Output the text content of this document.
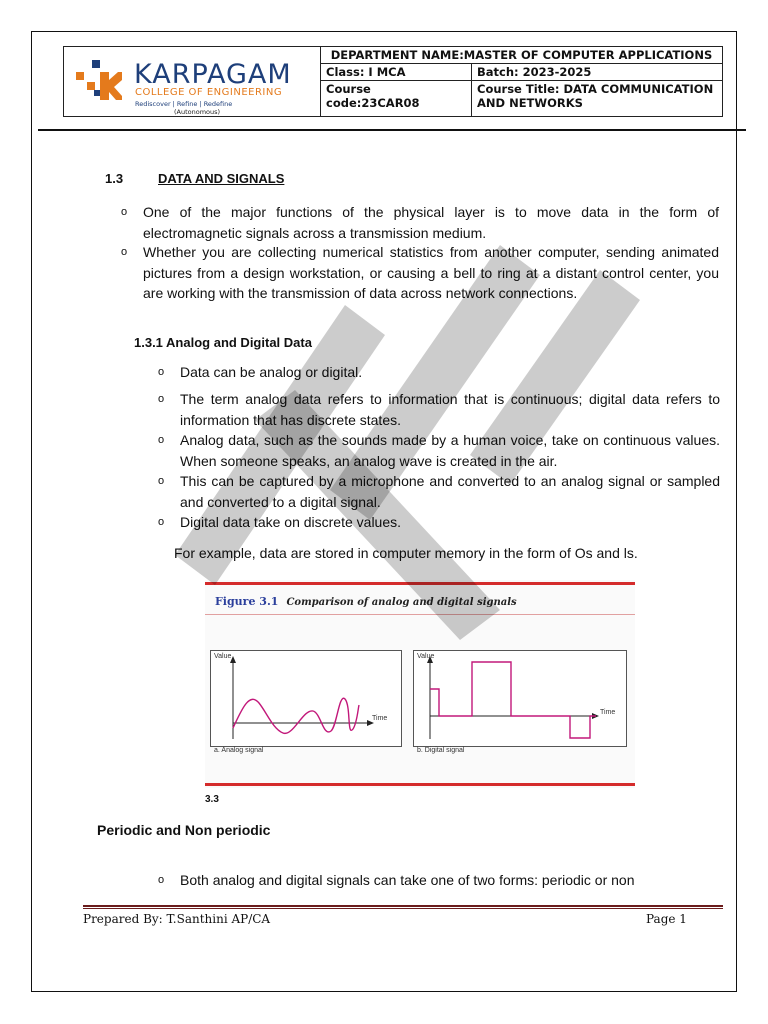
KARPAGAM
COLLEGE OF ENGINEERING
Rediscover | Refine | Redefine
(Autonomous)	DEPARTMENT NAME:MASTER OF COMPUTER APPLICATIONS	
	Class: I MCA	Batch: 2023-2025
	Course code:23CAR08	Course Title: DATA COMMUNICATION
AND NETWORKS
1.3	DATA AND SIGNALS
o One of the major functions of the physical layer is to move data in the form of electromagnetic signals across a transmission medium.
o Whether you are collecting numerical statistics from another computer, sending animated pictures from a design workstation, or causing a bell to ring at a distant control center, you are working with the transmission of data across network connections.
1.3.1 Analog and Digital Data
o Data can be analog or digital.
o The term analog data refers to information that is continuous; digital data refers to information that has discrete states.
o Analog data, such as the sounds made by a human voice, take on continuous values. When someone speaks, an analog wave is created in the air.
o This can be captured by a microphone and converted to an analog signal or sampled and converted to a digital signal.
o Digital data take on discrete values.
For example, data are stored in computer memory in the form of Os and ls.
Figure 3.1 Comparison of analog and digital signals
Value
Time
a. Analog signal
Value
Time
b. Digital signal
3.3
Periodic and Non periodic
o Both analog and digital signals can take one of two forms: periodic or non
Prepared By: T.Santhini AP/CA	Page 1
